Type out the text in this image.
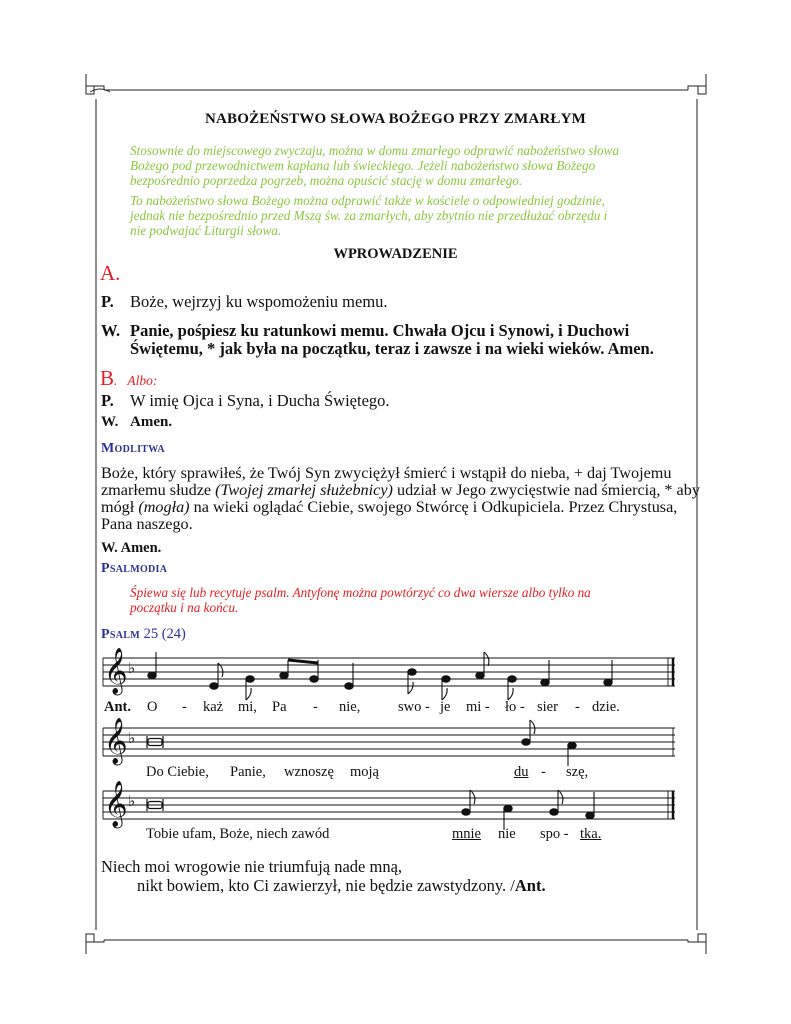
NABOŻEŃSTWO SŁOWA BOŻEGO PRZY ZMARŁYM
Stosownie do miejscowego zwyczaju, można w domu zmarłego odprawić nabożeństwo słowa
Bożego pod przewodnictwem kapłana lub świeckiego. Jeżeli nabożeństwo słowa Bożego
bezpośrednio poprzedza pogrzeb, można opuścić stację w domu zmarłego.
To nabożeństwo słowa Bożego można odprawić także w kościele o odpowiedniej godzinie,
jednak nie bezpośrednio przed Mszą św. za zmarłych, aby zbytnio nie przedłużać obrzędu i
nie podwajać Liturgii słowa.
WPROWADZENIE
A.
P. Boże, wejrzyj ku wspomożeniu memu.
W. Panie, pośpiesz ku ratunkowi memu. Chwała Ojcu i Synowi, i Duchowi
Świętemu, * jak była na początku, teraz i zawsze i na wieki wieków. Amen.
B. Albo:
P. W imię Ojca i Syna, i Ducha Świętego.
W. Amen.
Modlitwa
Boże, który sprawiłeś, że Twój Syn zwyciężył śmierć i wstąpił do nieba, + daj Twojemu
zmarłemu słudze (Twojej zmarłej służebnicy) udział w Jego zwycięstwie nad śmiercią, * aby
mógł (mogła) na wieki oglądać Ciebie, swojego Stwórcę i Odkupiciela. Przez Chrystusa,
Pana naszego.
W. Amen.
Psalmodia
Śpiewa się lub recytuje psalm. Antyfonę można powtórzyć co dwa wiersze albo tylko na
początku i na końcu.
Psalm 25 (24)
𝄞
𝄞
𝄞
♭
♭
♭
Ant. O - każ mi, Pa - nie,	swo - je mi - ło - sier - dzie.
Do Ciebie, Panie, wznoszę moją	du - szę,
Tobie ufam, Boże, niech zawód	mnie nie spo - tka.
Niech moi wrogowie nie triumfują nade mną,
nikt bowiem, kto Ci zawierzył, nie będzie zawstydzony. /Ant.
